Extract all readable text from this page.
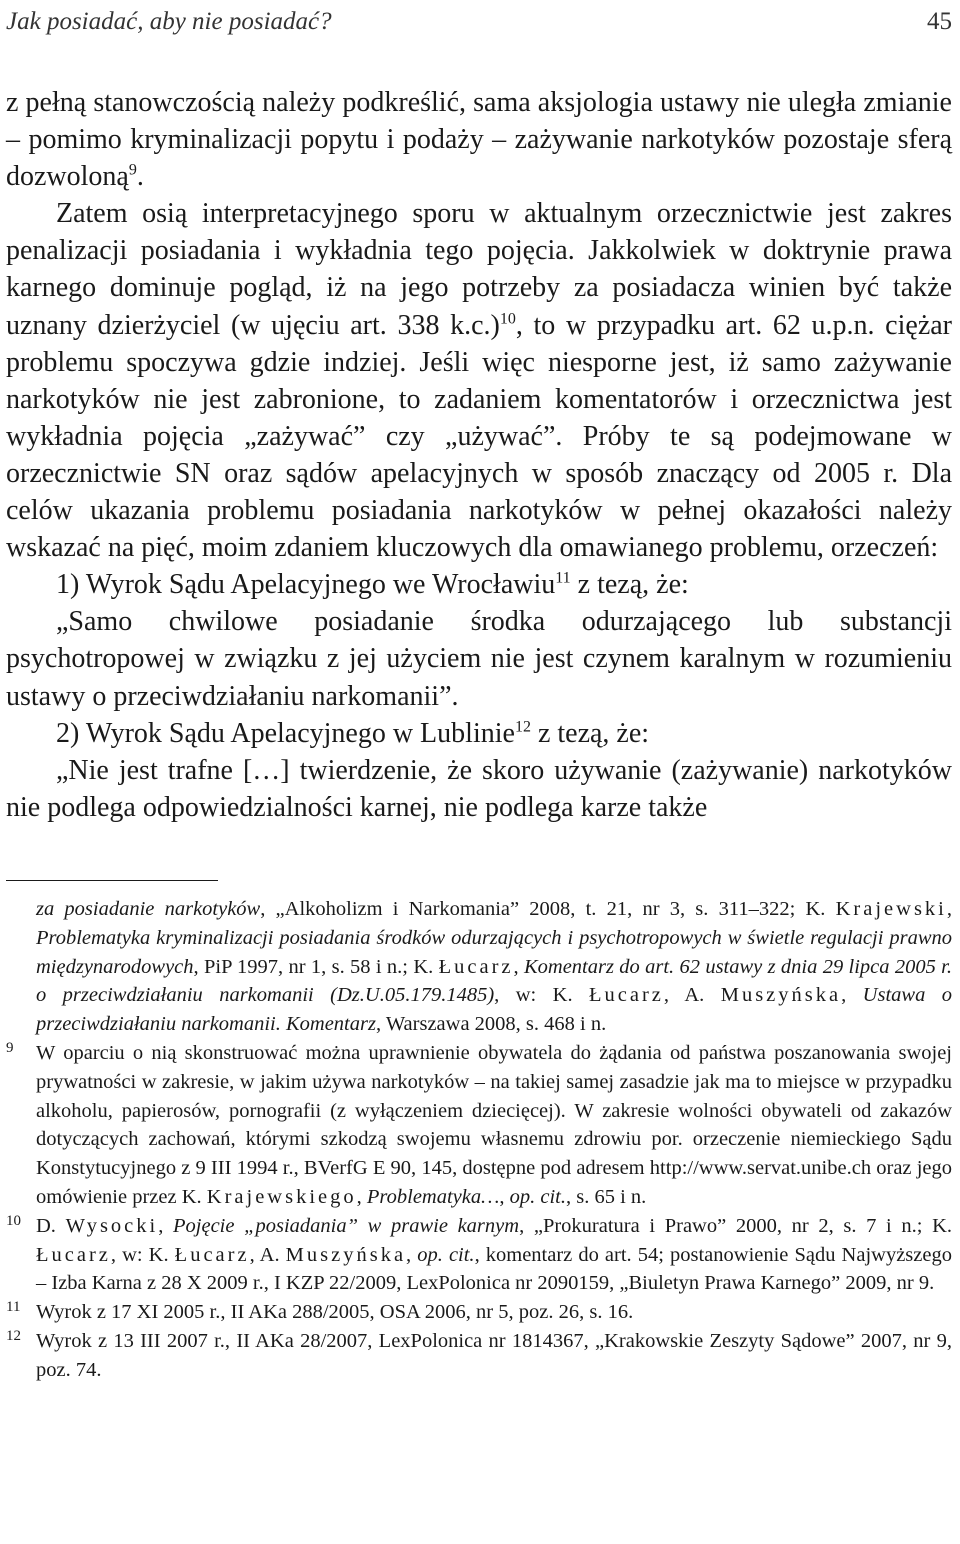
Jak posiadać, aby nie posiadać?	45

z pełną stanowczością należy podkreślić, sama aksjologia ustawy nie uległa zmianie – pomimo kryminalizacji popytu i podaży – zażywanie narkotyków pozostaje sferą dozwoloną$^9$.

Zatem osią interpretacyjnego sporu w aktualnym orzecznictwie jest zakres penalizacji posiadania i wykładnia tego pojęcia. Jakkolwiek w doktrynie prawa karnego dominuje pogląd, iż na jego potrzeby za posiadacza winien być także uznany dzierżyciel (w ujęciu art. 338 k.c.)$^{10}$, to w przypadku art. 62 u.p.n. ciężar problemu spoczywa gdzie indziej. Jeśli więc niesporne jest, iż samo zażywanie narkotyków nie jest zabronione, to zadaniem komentatorów i orzecznictwa jest wykładnia pojęcia „zażywać” czy „używać”. Próby te są podejmowane w orzecznictwie SN oraz sądów apelacyjnych w sposób znaczący od 2005 r. Dla celów ukazania problemu posiadania narkotyków w pełnej okazałości należy wskazać na pięć, moim zdaniem kluczowych dla omawianego problemu, orzeczeń:

1) Wyrok Sądu Apelacyjnego we Wrocławiu$^{11}$ z tezą, że:

„Samo chwilowe posiadanie środka odurzającego lub substancji psychotropowej w związku z jej użyciem nie jest czynem karalnym w rozumieniu ustawy o przeciwdziałaniu narkomanii”.

2) Wyrok Sądu Apelacyjnego w Lublinie$^{12}$ z tezą, że:

„Nie jest trafne […] twierdzenie, że skoro używanie (zażywanie) narkotyków nie podlega odpowiedzialności karnej, nie podlega karze także

za posiadanie narkotyków, „Alkoholizm i Narkomania” 2008, t. 21, nr 3, s. 311–322; K. Krajewski, Problematyka kryminalizacji posiadania środków odurzających i psychotropowych w świetle regulacji prawno międzynarodowych, PiP 1997, nr 1, s. 58 i n.; K. Łucarz, Komentarz do art. 62 ustawy z dnia 29 lipca 2005 r. o przeciwdziałaniu narkomanii (Dz.U.05.179.1485), w: K. Łucarz, A. Muszyńska, Ustawa o przeciwdziałaniu narkomanii. Komentarz, Warszawa 2008, s. 468 i n.
9 W oparciu o nią skonstruować można uprawnienie obywatela do żądania od państwa poszanowania swojej prywatności w zakresie, w jakim używa narkotyków – na takiej samej zasadzie jak ma to miejsce w przypadku alkoholu, papierosów, pornografii (z wyłączeniem dziecięcej). W zakresie wolności obywateli od zakazów dotyczących zachowań, którymi szkodzą swojemu własnemu zdrowiu por. orzeczenie niemieckiego Sądu Konstytucyjnego z 9 III 1994 r., BVerfG E 90, 145, dostępne pod adresem http://www.servat.unibe.ch oraz jego omówienie przez K. Krajewskiego, Problematyka…, op. cit., s. 65 i n.
10 D. Wysocki, Pojęcie „posiadania” w prawie karnym, „Prokuratura i Prawo” 2000, nr 2, s. 7 i n.; K. Łucarz, w: K. Łucarz, A. Muszyńska, op. cit., komentarz do art. 54; postanowienie Sądu Najwyższego – Izba Karna z 28 X 2009 r., I KZP 22/2009, LexPolonica nr 2090159, „Biuletyn Prawa Karnego” 2009, nr 9.
11 Wyrok z 17 XI 2005 r., II AKa 288/2005, OSA 2006, nr 5, poz. 26, s. 16.
12 Wyrok z 13 III 2007 r., II AKa 28/2007, LexPolonica nr 1814367, „Krakowskie Zeszyty Sądowe” 2007, nr 9, poz. 74.
